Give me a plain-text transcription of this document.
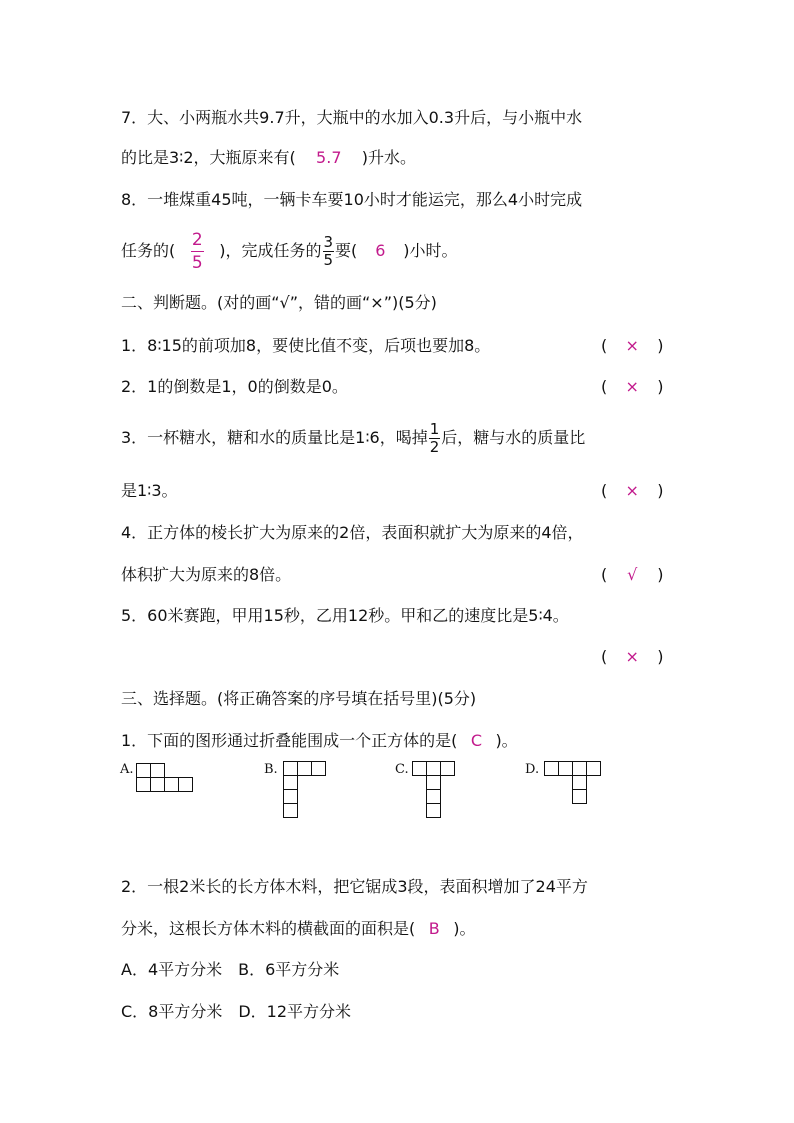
7．大、小两瓶水共9.7升，大瓶中的水加入0.3升后，与小瓶中水
的比是3∶2，大瓶原来有( 5.7 )升水。
8．一堆煤重45吨，一辆卡车要10小时才能运完，那么4小时完成
任务的( $\frac{2}{5}$ )，完成任务的 $\frac{3}{5}$ 要( 6 )小时。
二、判断题。(对的画“√”，错的画“×”)(5分)
1．8∶15的前项加8，要使比值不变，后项也要加8。	( × )
2．1的倒数是1，0的倒数是0。	( × )
3．一杯糖水，糖和水的质量比是1∶6，喝掉 $\frac{1}{2}$ 后，糖与水的质量比
是1∶3。	( × )
4．正方体的棱长扩大为原来的2倍，表面积就扩大为原来的4倍，
体积扩大为原来的8倍。	( √ )
5．60米赛跑，甲用15秒，乙用12秒。甲和乙的速度比是5∶4。
( × )
三、选择题。(将正确答案的序号填在括号里)(5分)
1．下面的图形通过折叠能围成一个正方体的是( C )。
A.	B.	C.	D.
2．一根2米长的长方体木料，把它锯成3段，表面积增加了24平方
分米，这根长方体木料的横截面的面积是( B )。
A．4平方分米　B．6平方分米
C．8平方分米　D．12平方分米
